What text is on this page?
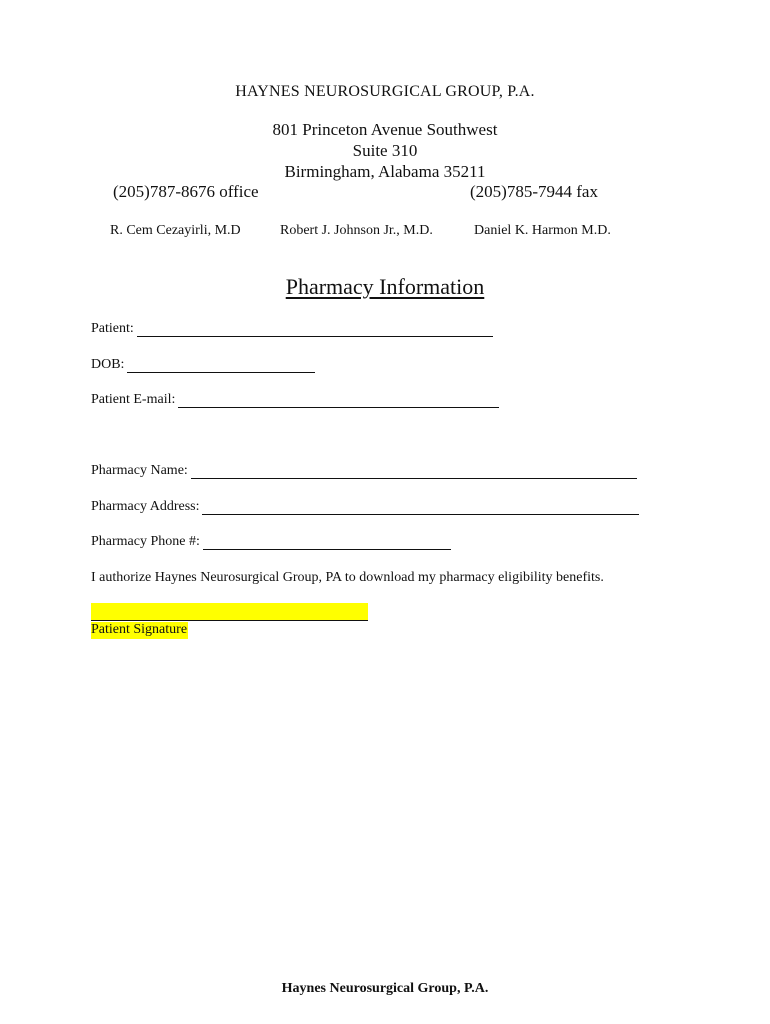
HAYNES NEUROSURGICAL GROUP, P.A.
801 Princeton Avenue Southwest
Suite 310
Birmingham, Alabama 35211
(205)787-8676 office	(205)785-7944 fax
R. Cem Cezayirli, M.D	Robert J. Johnson Jr., M.D.	Daniel K. Harmon M.D.
Pharmacy Information
Patient:
DOB:
Patient E-mail:
Pharmacy Name:
Pharmacy Address:
Pharmacy Phone #:
I authorize Haynes Neurosurgical Group, PA to download my pharmacy eligibility benefits.
Patient Signature
Haynes Neurosurgical Group, P.A.
